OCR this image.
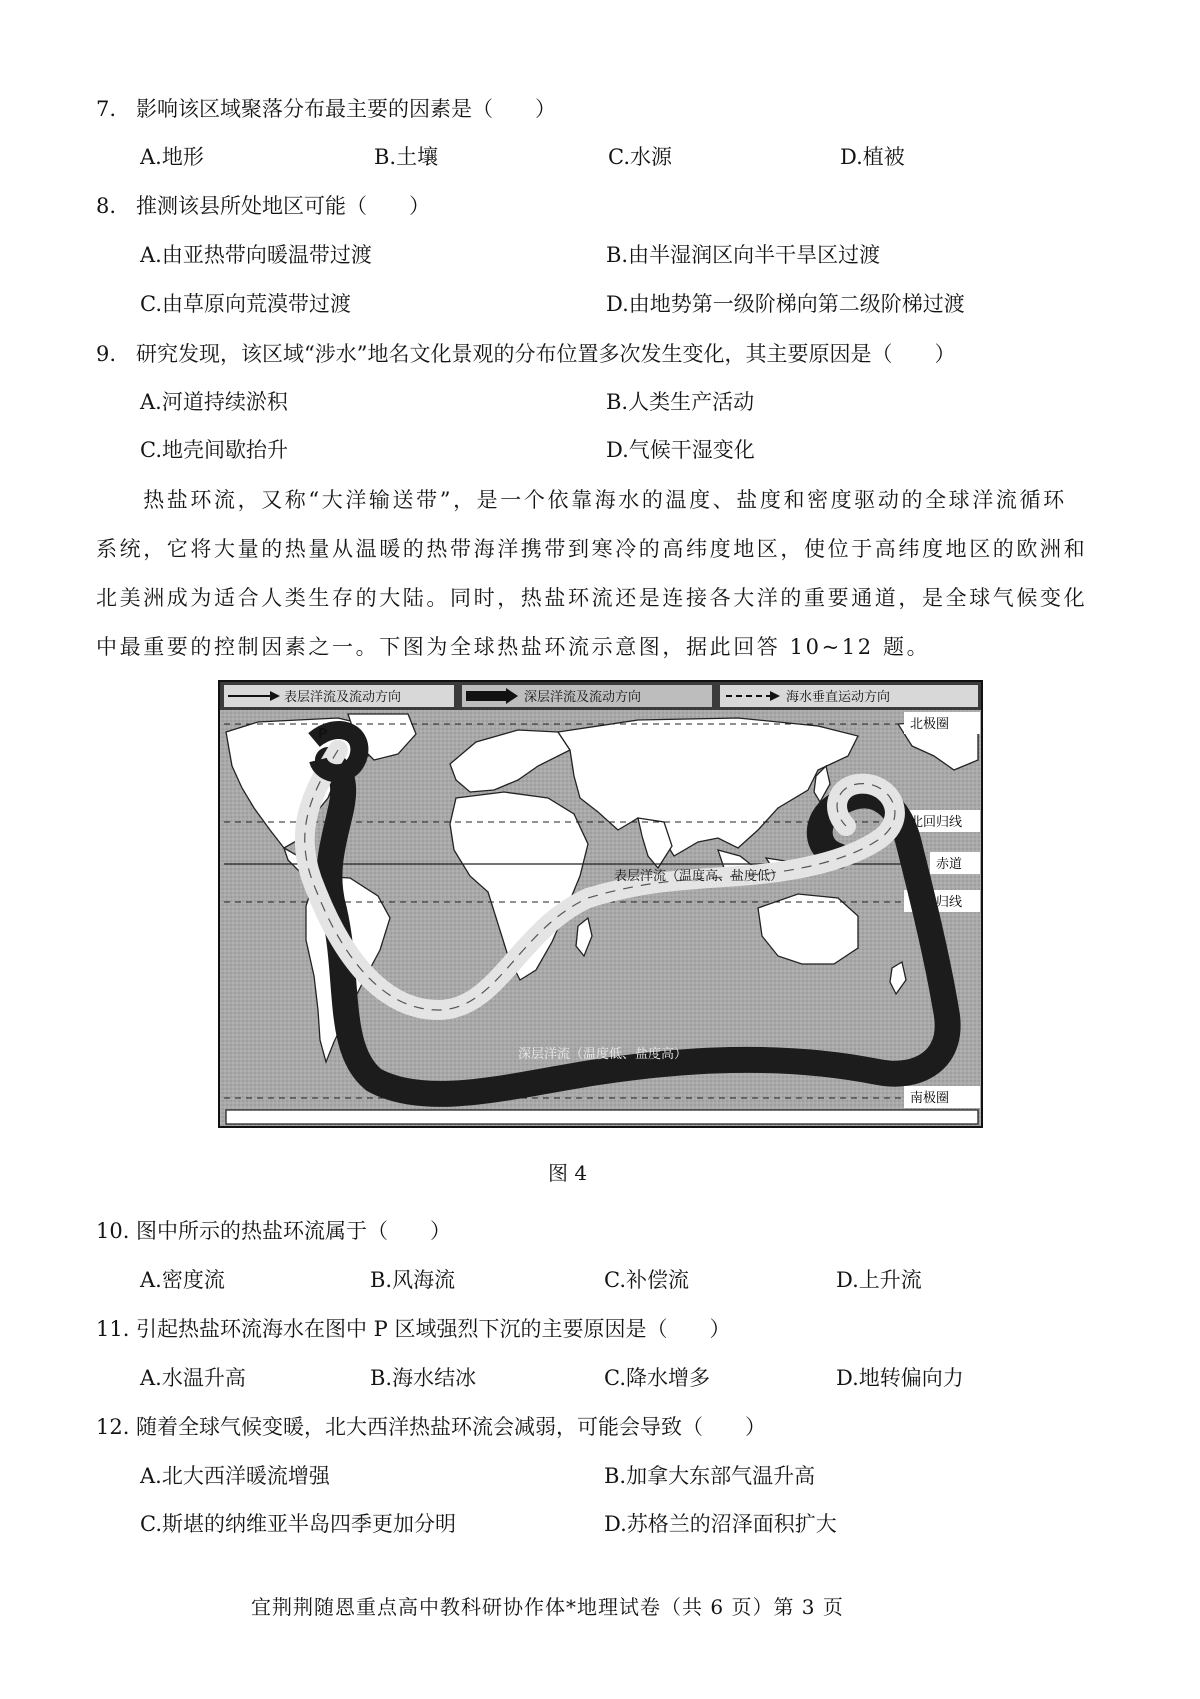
7. 影响该区域聚落分布最主要的因素是（　　）
A.地形	B.土壤	C.水源	D.植被
8. 推测该县所处地区可能（　　）
A.由亚热带向暖温带过渡	B.由半湿润区向半干旱区过渡
C.由草原向荒漠带过渡	D.由地势第一级阶梯向第二级阶梯过渡
9. 研究发现，该区域“涉水”地名文化景观的分布位置多次发生变化，其主要原因是（　　）
A.河道持续淤积	B.人类生产活动
C.地壳间歇抬升	D.气候干湿变化
　　热盐环流，又称“大洋输送带”，是一个依靠海水的温度、盐度和密度驱动的全球洋流循环
系统，它将大量的热量从温暖的热带海洋携带到寒冷的高纬度地区，使位于高纬度地区的欧洲和
北美洲成为适合人类生存的大陆。同时，热盐环流还是连接各大洋的重要通道，是全球气候变化
中最重要的控制因素之一。下图为全球热盐环流示意图，据此回答 10~12 题。
表层洋流及流动方向	深层洋流及流动方向	海水垂直运动方向
北极圈
北回归线
赤道
南回归线
南极圈
P
表层洋流（温度高、盐度低）
深层洋流（温度低、盐度高）
图 4
10. 图中所示的热盐环流属于（　　）
A.密度流	B.风海流	C.补偿流	D.上升流
11. 引起热盐环流海水在图中 P 区域强烈下沉的主要原因是（　　）
A.水温升高	B.海水结冰	C.降水增多	D.地转偏向力
12. 随着全球气候变暖，北大西洋热盐环流会减弱，可能会导致（　　）
A.北大西洋暖流增强	B.加拿大东部气温升高
C.斯堪的纳维亚半岛四季更加分明	D.苏格兰的沼泽面积扩大
宜荆荆随恩重点高中教科研协作体*地理试卷（共 6 页）第 3 页
